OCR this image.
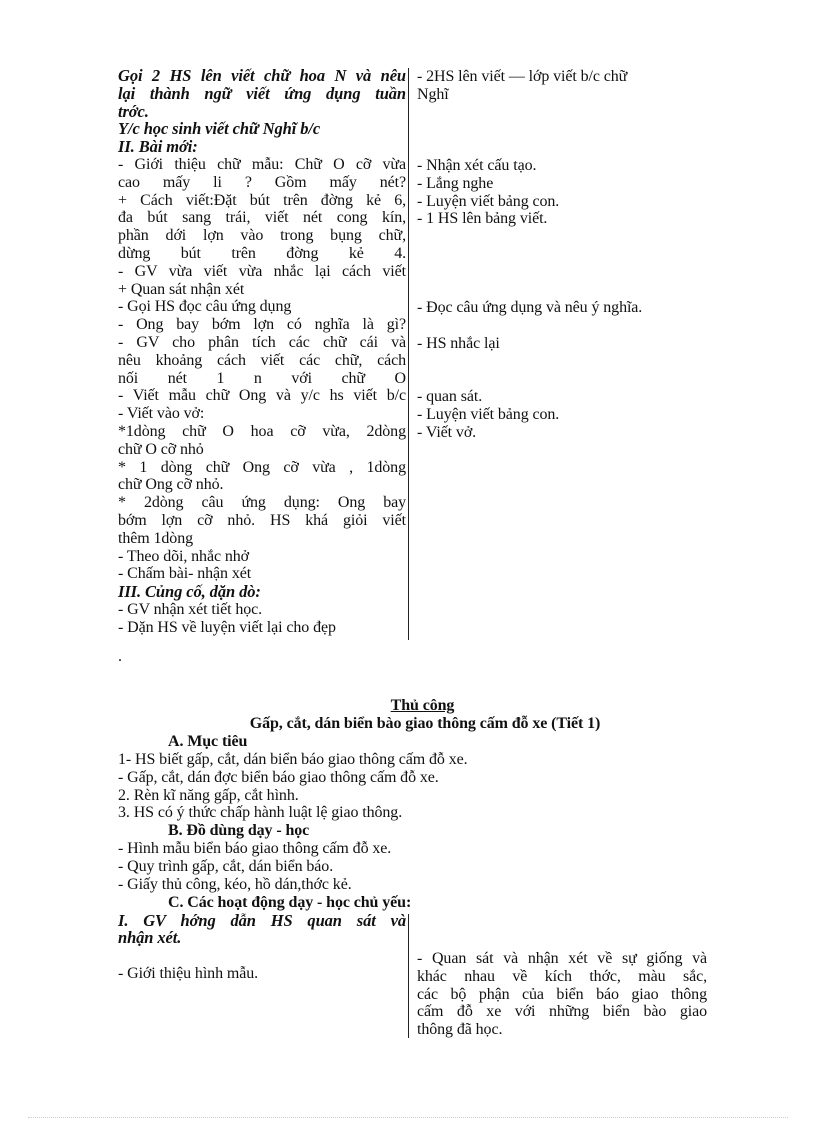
Gọi 2 HS lên viết chữ hoa N và nêu
lại thành ngữ viết ứng dụng tuần
trớc.
Y/c học sinh viết chữ Nghĩ b/c
II. Bài mới:
- Giới thiệu chữ mẫu: Chữ O cỡ vừa
cao mấy li ? Gồm mấy nét?
+ Cách viết:Đặt bút trên đờng kẻ 6,
đa bút sang trái, viết nét cong kín,
phần dới lợn vào trong bụng chữ,
dừng bút trên đờng kẻ 4.
- GV vừa viết vừa nhắc lại cách viết
+ Quan sát nhận xét
- Gọi HS đọc câu ứng dụng
- Ong bay bớm lợn có nghĩa là gì?
- GV cho phân tích các chữ cái và
nêu khoảng cách viết các chữ, cách
nối nét 1 n với chữ O
- Viết mẫu chữ Ong và y/c hs viết b/c
- Viết vào vở:
*1dòng chữ O hoa cỡ vừa, 2dòng
chữ O cỡ nhỏ
* 1 dòng chữ Ong cỡ vừa , 1dòng
chữ Ong cỡ nhỏ.
* 2dòng câu ứng dụng: Ong bay
bớm lợn cỡ nhỏ. HS khá giỏi viết
thêm 1dòng
- Theo dõi, nhắc nhở
- Chấm bài- nhận xét
III. Củng cố, dặn dò:
- GV nhận xét tiết học.
- Dặn HS về luyện viết lại cho đẹp
- 2HS lên viết — lớp viết b/c chữ
Nghĩ
- Nhận xét cấu tạo.
- Lắng nghe
- Luyện viết bảng con.
- 1 HS lên bảng viết.
- Đọc câu ứng dụng và nêu ý nghĩa.
- HS nhắc lại
- quan sát.
- Luyện viết bảng con.
- Viết vở.
.
Thủ công
Gấp, cắt, dán biển bào giao thông cấm đỗ xe (Tiết 1)
A. Mục tiêu
1- HS biết gấp, cắt, dán biển báo giao thông cấm đỗ xe.
- Gấp, cắt, dán đợc biển báo giao thông cấm đỗ xe.
2. Rèn kĩ năng gấp, cắt hình.
3. HS có ý thức chấp hành luật lệ giao thông.
B. Đồ dùng dạy - học
- Hình mẫu biển báo giao thông cấm đỗ xe.
- Quy trình gấp, cắt, dán biển báo.
- Giấy thủ công, kéo, hồ dán,thớc kẻ.
C. Các hoạt động dạy - học chủ yếu:
I. GV hớng dẫn HS quan sát và
nhận xét.
- Giới thiệu hình mẫu.
- Quan sát và nhận xét về sự giống và
khác nhau về kích thớc, màu sắc,
các bộ phận của biển báo giao thông
cấm đỗ xe với những biển bào giao
thông đã học.
